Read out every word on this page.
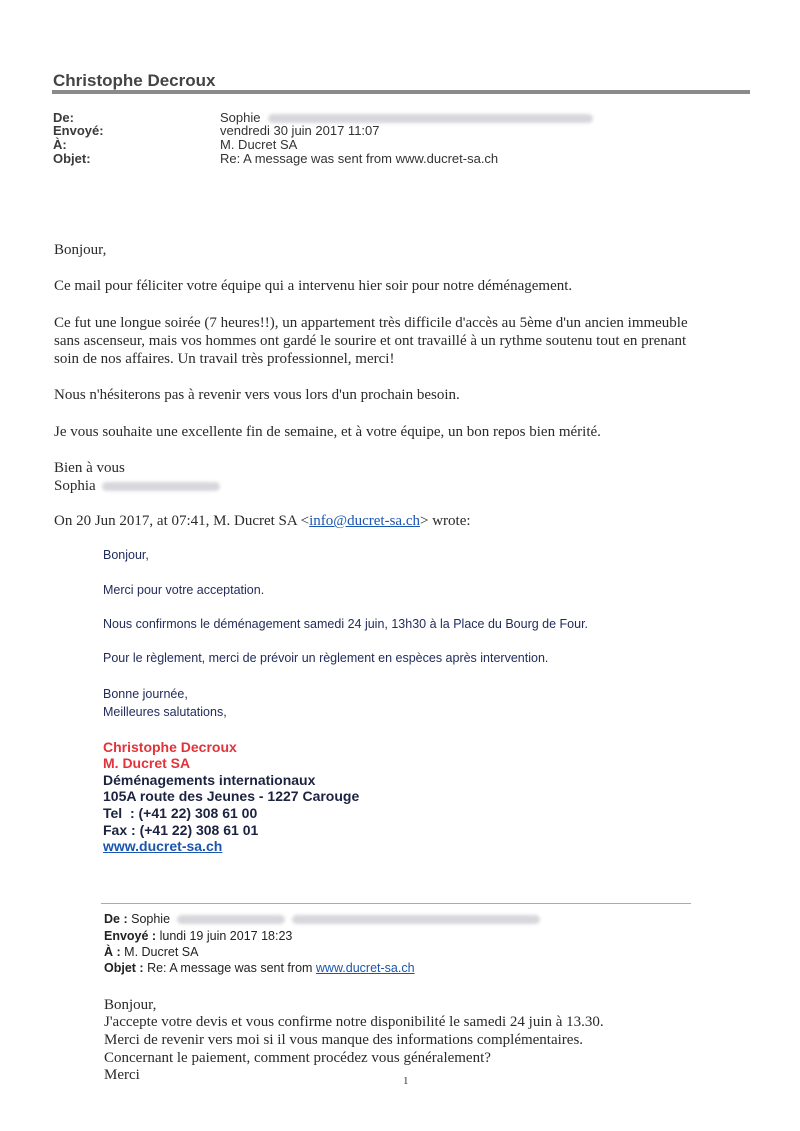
Christophe Decroux
De:	Sophie
Envoyé:	vendredi 30 juin 2017 11:07
À:	M. Ducret SA
Objet:	Re: A message was sent from www.ducret-sa.ch
Bonjour,
Ce mail pour féliciter votre équipe qui a intervenu hier soir pour notre déménagement.
Ce fut une longue soirée (7 heures!!), un appartement très difficile d'accès au 5ème d'un ancien immeuble
sans ascenseur, mais vos hommes ont gardé le sourire et ont travaillé à un rythme soutenu tout en prenant
soin de nos affaires. Un travail très professionnel, merci!
Nous n'hésiterons pas à revenir vers vous lors d'un prochain besoin.
Je vous souhaite une excellente fin de semaine, et à votre équipe, un bon repos bien mérité.
Bien à vous
Sophia
On 20 Jun 2017, at 07:41, M. Ducret SA <info@ducret-sa.ch> wrote:
Bonjour,
Merci pour votre acceptation.
Nous confirmons le déménagement samedi 24 juin, 13h30 à la Place du Bourg de Four.
Pour le règlement, merci de prévoir un règlement en espèces après intervention.
Bonne journée,
Meilleures salutations,
Christophe Decroux
M. Ducret SA
Déménagements internationaux
105A route des Jeunes - 1227 Carouge
Tel  : (+41 22) 308 61 00
Fax : (+41 22) 308 61 01
www.ducret-sa.ch
De : Sophie
Envoyé : lundi 19 juin 2017 18:23
À : M. Ducret SA
Objet : Re: A message was sent from www.ducret-sa.ch
Bonjour,
J'accepte votre devis et vous confirme notre disponibilité le samedi 24 juin à 13.30.
Merci de revenir vers moi si il vous manque des informations complémentaires.
Concernant le paiement, comment procédez vous généralement?
Merci	1
